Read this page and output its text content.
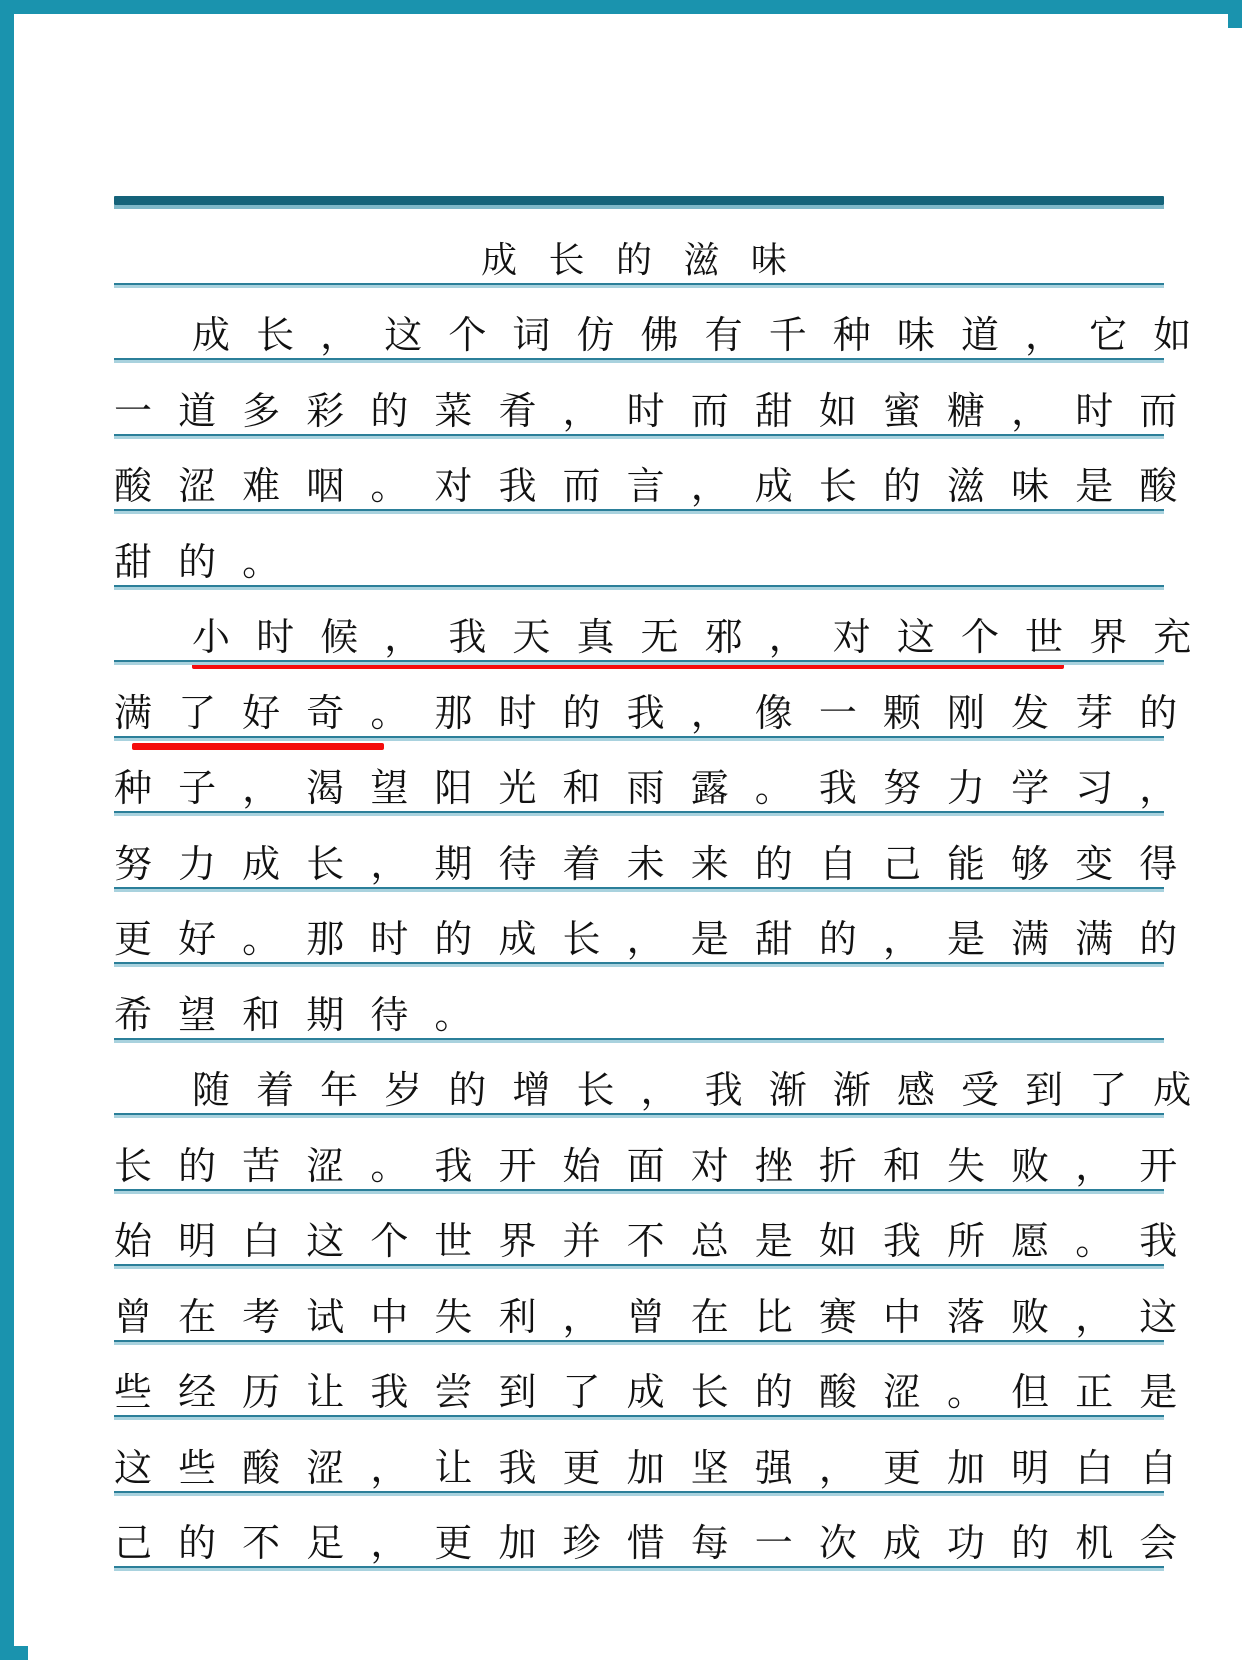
成 长 的 滋 味
成 长 ， 这 个 词 仿 佛 有 千 种 味 道 ， 它 如
一 道 多 彩 的 菜 肴 ， 时 而 甜 如 蜜 糖 ， 时 而
酸 涩 难 咽 。 对 我 而 言 ， 成 长 的 滋 味 是 酸
甜 的 。
小 时 候 ， 我 天 真 无 邪 ， 对 这 个 世 界 充
满 了 好 奇 。 那 时 的 我 ， 像 一 颗 刚 发 芽 的
种 子 ， 渴 望 阳 光 和 雨 露 。 我 努 力 学 习 ，
努 力 成 长 ， 期 待 着 未 来 的 自 己 能 够 变 得
更 好 。 那 时 的 成 长 ， 是 甜 的 ， 是 满 满 的
希 望 和 期 待 。
随 着 年 岁 的 增 长 ， 我 渐 渐 感 受 到 了 成
长 的 苦 涩 。 我 开 始 面 对 挫 折 和 失 败 ， 开
始 明 白 这 个 世 界 并 不 总 是 如 我 所 愿 。 我
曾 在 考 试 中 失 利 ， 曾 在 比 赛 中 落 败 ， 这
些 经 历 让 我 尝 到 了 成 长 的 酸 涩 。 但 正 是
这 些 酸 涩 ， 让 我 更 加 坚 强 ， 更 加 明 白 自
己 的 不 足 ， 更 加 珍 惜 每 一 次 成 功 的 机 会
